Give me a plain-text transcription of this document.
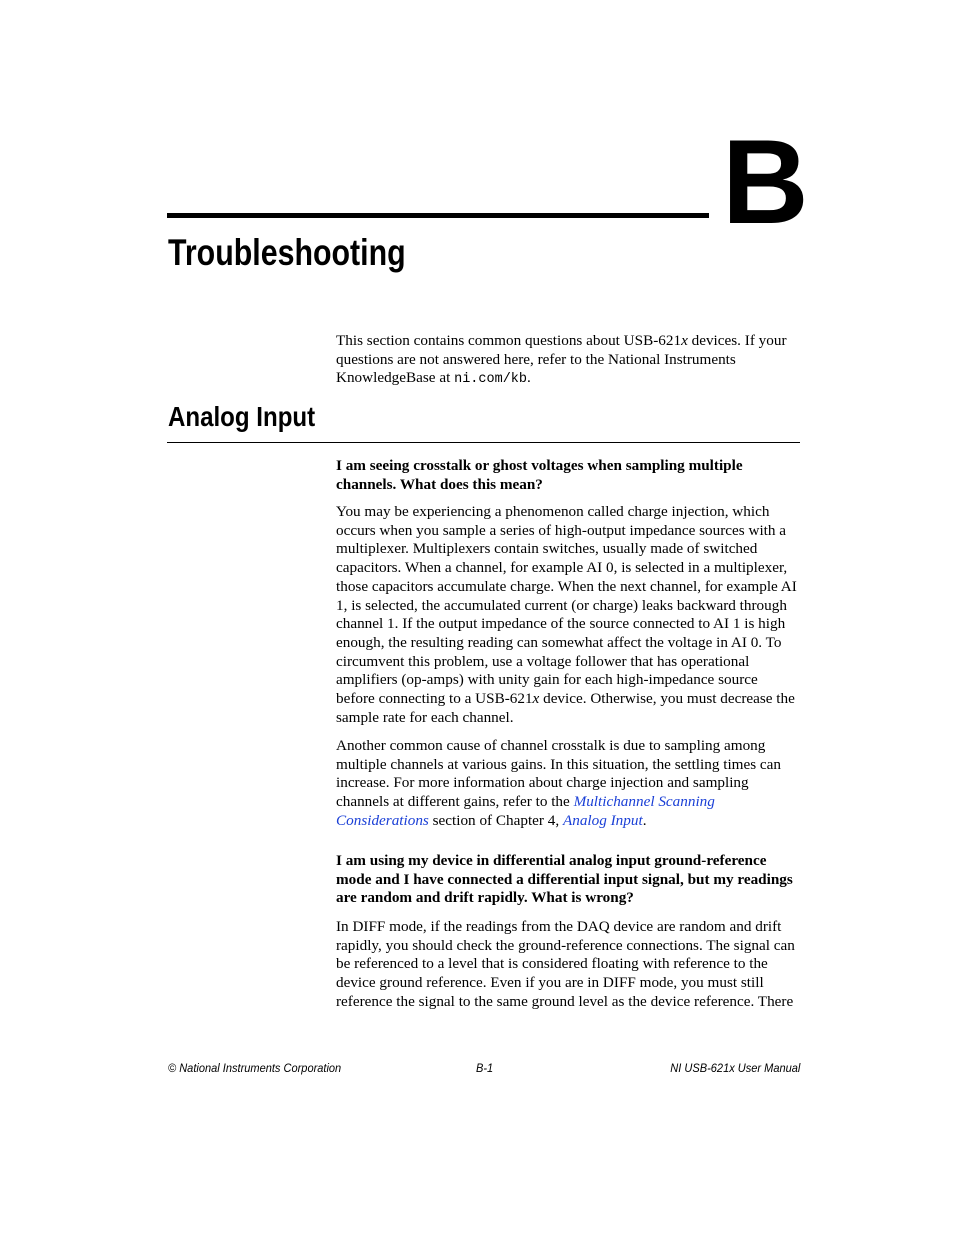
B
Troubleshooting

This section contains common questions about USB-621x devices. If your questions are not answered here, refer to the National Instruments KnowledgeBase at ni.com/kb.

Analog Input

I am seeing crosstalk or ghost voltages when sampling multiple channels. What does this mean?

You may be experiencing a phenomenon called charge injection, which occurs when you sample a series of high-output impedance sources with a multiplexer. Multiplexers contain switches, usually made of switched capacitors. When a channel, for example AI 0, is selected in a multiplexer, those capacitors accumulate charge. When the next channel, for example AI 1, is selected, the accumulated current (or charge) leaks backward through channel 1. If the output impedance of the source connected to AI 1 is high enough, the resulting reading can somewhat affect the voltage in AI 0. To circumvent this problem, use a voltage follower that has operational amplifiers (op-amps) with unity gain for each high-impedance source before connecting to a USB-621x device. Otherwise, you must decrease the sample rate for each channel.

Another common cause of channel crosstalk is due to sampling among multiple channels at various gains. In this situation, the settling times can increase. For more information about charge injection and sampling channels at different gains, refer to the Multichannel Scanning Considerations section of Chapter 4, Analog Input.

I am using my device in differential analog input ground-reference mode and I have connected a differential input signal, but my readings are random and drift rapidly. What is wrong?

In DIFF mode, if the readings from the DAQ device are random and drift rapidly, you should check the ground-reference connections. The signal can be referenced to a level that is considered floating with reference to the device ground reference. Even if you are in DIFF mode, you must still reference the signal to the same ground level as the device reference. There

© National Instruments Corporation	B-1	NI USB-621x User Manual
